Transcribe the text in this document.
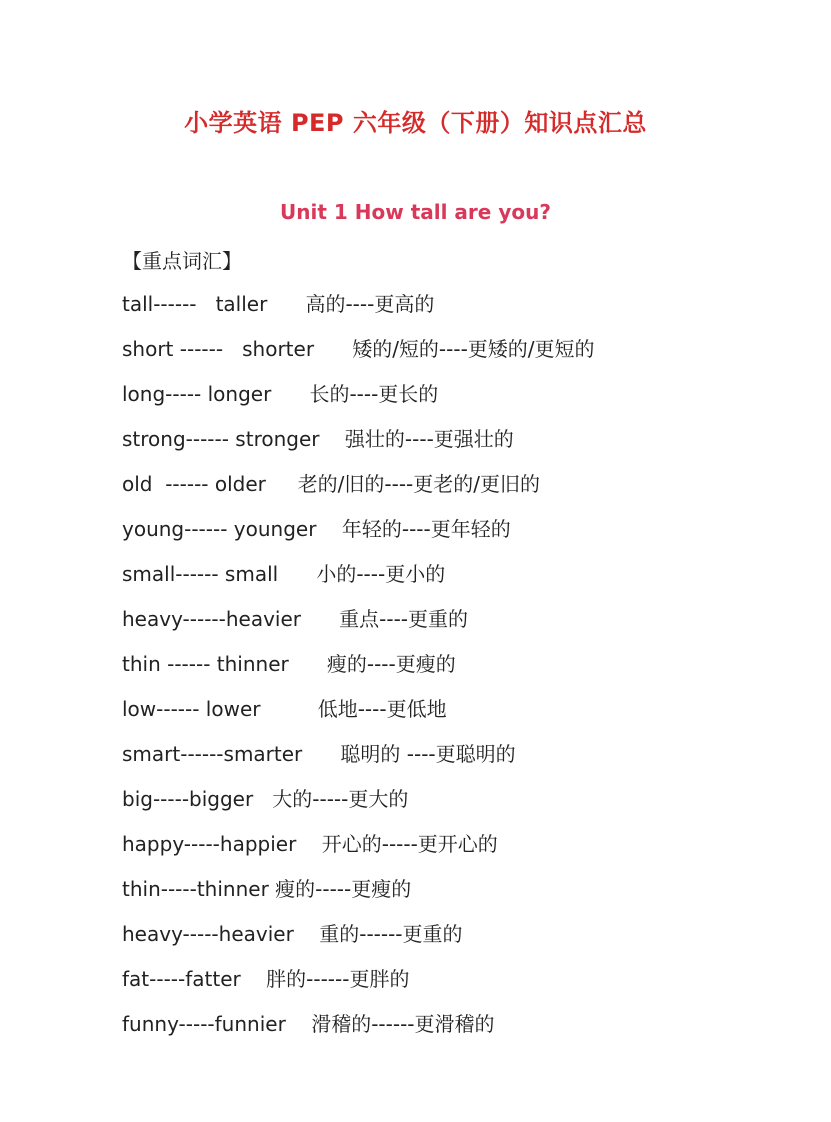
小学英语 PEP 六年级（下册）知识点汇总
Unit 1 How tall are you?
【重点词汇】
tall------   taller      高的----更高的
short ------   shorter      矮的/短的----更矮的/更短的
long----- longer      长的----更长的
strong------ stronger    强壮的----更强壮的
old  ------ older     老的/旧的----更老的/更旧的
young------ younger    年轻的----更年轻的
small------ small      小的----更小的
heavy------heavier      重点----更重的
thin ------ thinner      瘦的----更瘦的
low------ lower         低地----更低地
smart------smarter      聪明的 ----更聪明的
big-----bigger   大的-----更大的
happy-----happier    开心的-----更开心的
thin-----thinner 瘦的-----更瘦的
heavy-----heavier    重的------更重的
fat-----fatter    胖的------更胖的
funny-----funnier    滑稽的------更滑稽的
